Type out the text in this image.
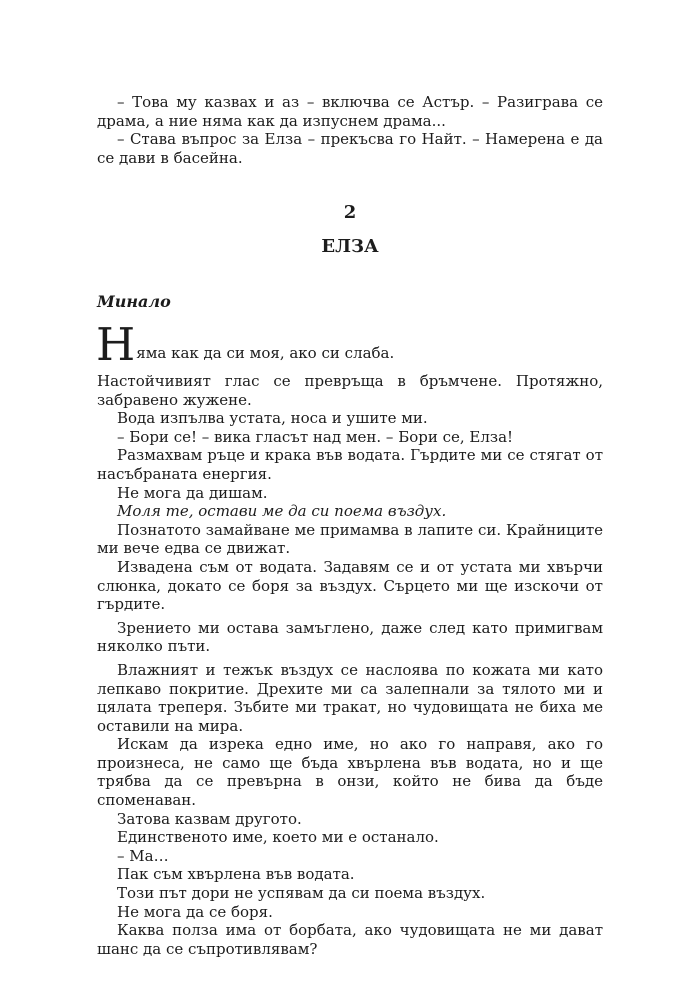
– Това му казвах и аз – включва се Астър. – Разиграва се драма, а ние няма как да изпуснем драма...

– Става въпрос за Елза – прекъсва го Найт. – Намерена е да се дави в басейна.

2

ЕЛЗА

Минало

Н яма как да си моя, ако си слаба.

Настойчивият глас се превръща в бръмчене. Протяжно, забравено жужене.

Вода изпълва устата, носа и ушите ми.

– Бори се! – вика гласът над мен. – Бори се, Елза!

Размахвам ръце и крака във водата. Гърдите ми се стягат от насъбраната енергия.

Не мога да дишам.

Моля те, остави ме да си поема въздух.

Познатото замайване ме примамва в лапите си. Крайниците ми вече едва се движат.

Извадена съм от водата. Задавям се и от устата ми хвърчи слюнка, докато се боря за въздух. Сърцето ми ще изскочи от гърдите.

Зрението ми остава замъглено, даже след като примигвам няколко пъти.

Влажният и тежък въздух се наслоява по кожата ми като лепкаво покритие. Дрехите ми са залепнали за тялото ми и цялата треперя. Зъбите ми тракат, но чудовищата не биха ме оставили на мира.

Искам да изрека едно име, но ако го направя, ако го произнеса, не само ще бъда хвърлена във водата, но и ще трябва да се превърна в онзи, който не бива да бъде споменаван.

Затова казвам другото.

Единственото име, което ми е останало.

– Ма…

Пак съм хвърлена във водата.

Този път дори не успявам да си поема въздух.

Не мога да се боря.

Каква полза има от борбата, ако чудовищата не ми дават шанс да се съпротивлявам?
